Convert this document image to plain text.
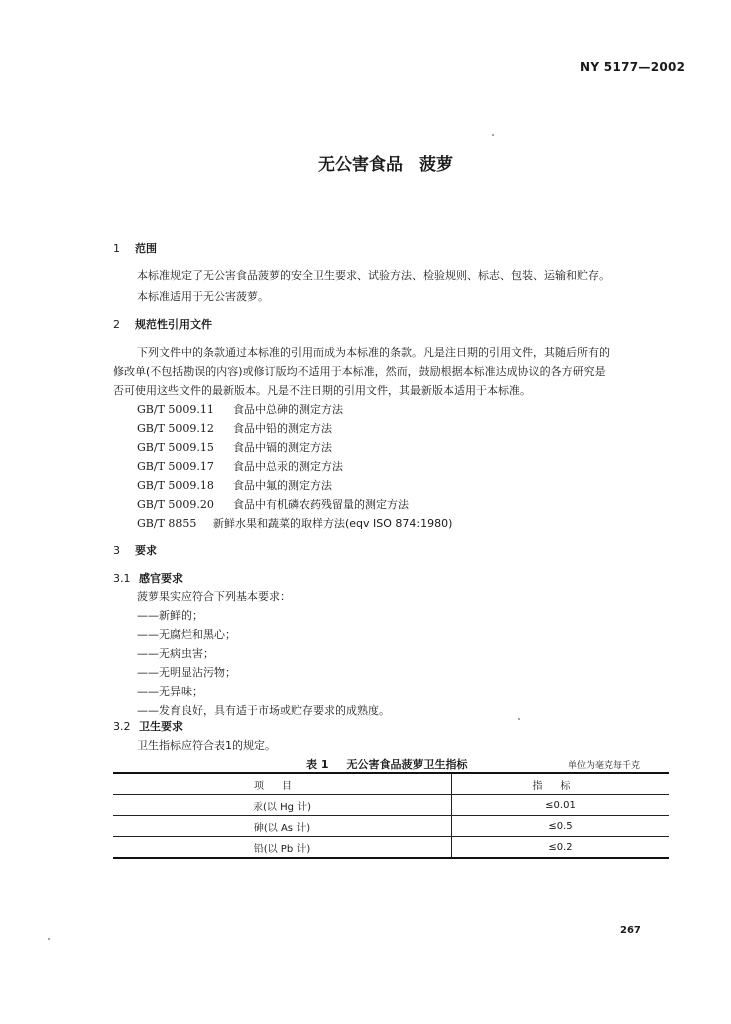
NY 5177—2002
无公害食品 菠萝
1 范围
本标准规定了无公害食品菠萝的安全卫生要求、试验方法、检验规则、标志、包装、运输和贮存。
本标准适用于无公害菠萝。
2 规范性引用文件
下列文件中的条款通过本标准的引用而成为本标准的条款。凡是注日期的引用文件，其随后所有的
修改单(不包括勘误的内容)或修订版均不适用于本标准，然而，鼓励根据本标准达成协议的各方研究是
否可使用这些文件的最新版本。凡是不注日期的引用文件，其最新版本适用于本标准。
GB/T 5009.11 食品中总砷的测定方法
GB/T 5009.12 食品中铅的测定方法
GB/T 5009.15 食品中镉的测定方法
GB/T 5009.17 食品中总汞的测定方法
GB/T 5009.18 食品中氟的测定方法
GB/T 5009.20 食品中有机磷农药残留量的测定方法
GB/T 8855 新鲜水果和蔬菜的取样方法(eqv ISO 874:1980)
3 要求
3.1 感官要求
菠萝果实应符合下列基本要求：
——新鲜的；
——无腐烂和黑心；
——无病虫害；
——无明显沾污物；
——无异味；
——发育良好，具有适于市场或贮存要求的成熟度。
3.2 卫生要求
卫生指标应符合表1的规定。
表 1 无公害食品菠萝卫生指标	单位为毫克每千克
项目	指标
汞(以 Hg 计)	≤0.01
砷(以 As 计)	≤0.5
铅(以 Pb 计)	≤0.2
267
